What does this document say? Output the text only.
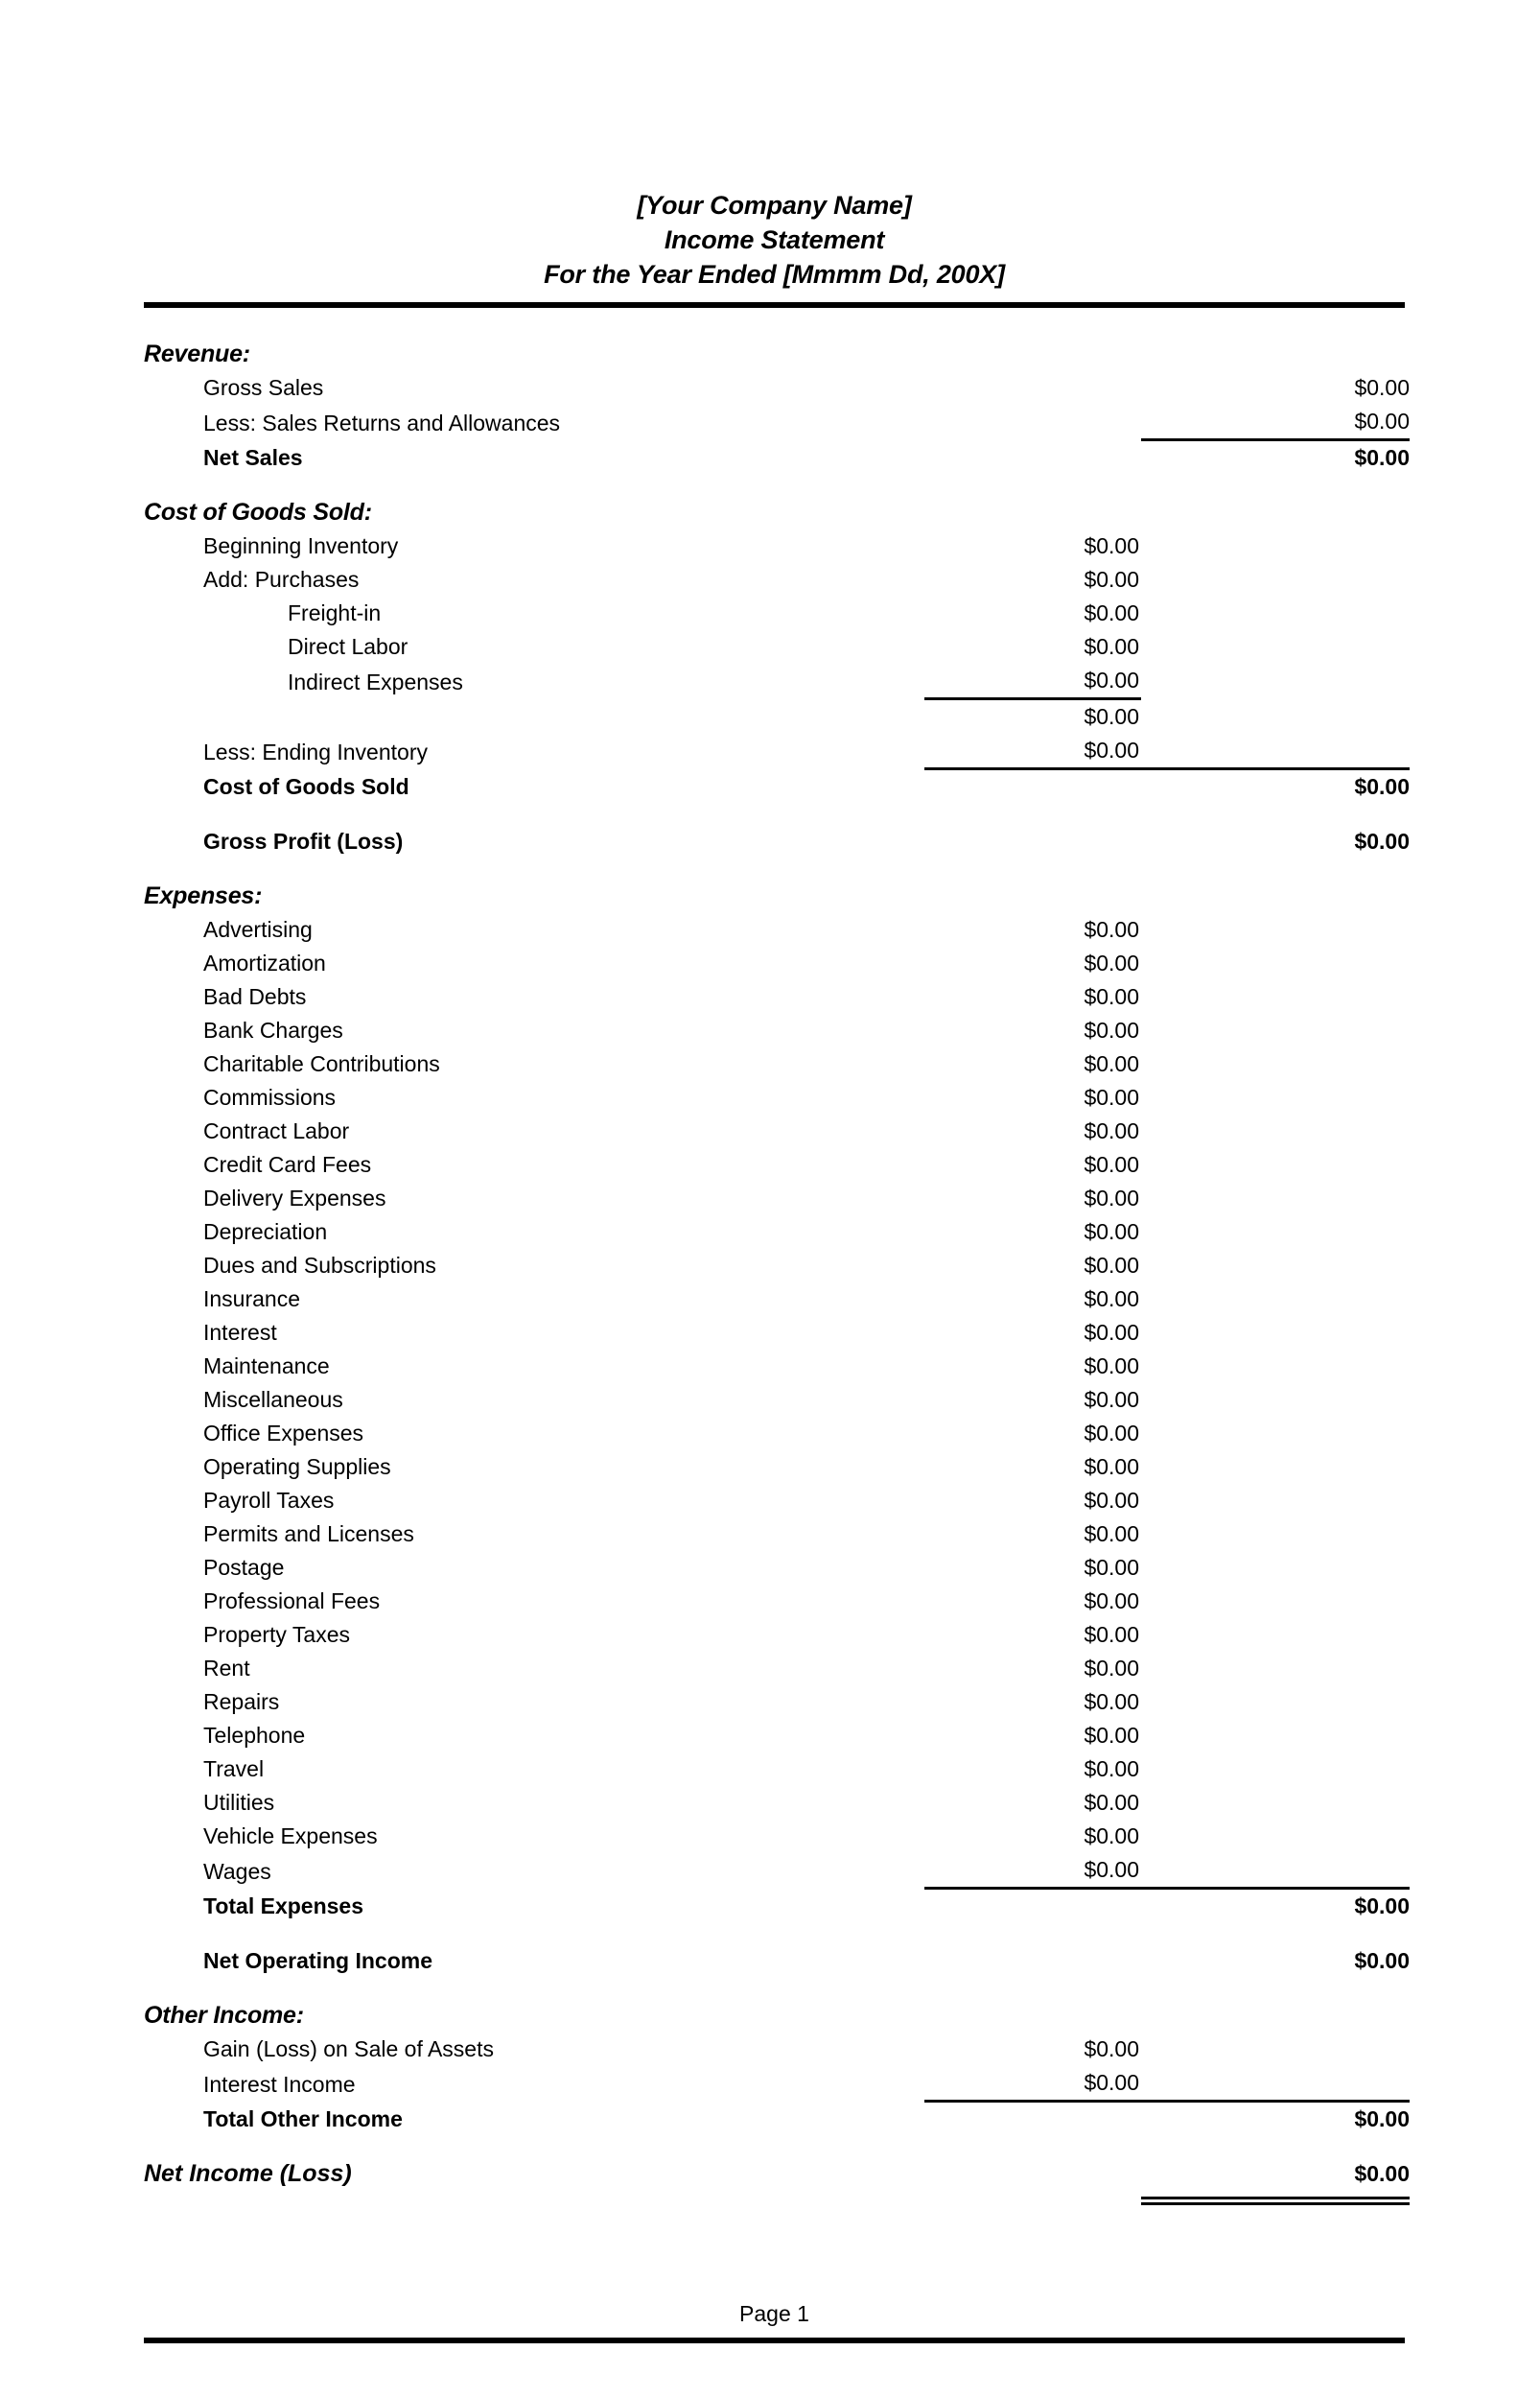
[Your Company Name]
Income Statement
For the Year Ended [Mmmm Dd, 200X]
Revenue:		
Gross Sales		$0.00
Less: Sales Returns and Allowances		$0.00
Net Sales		$0.00

Cost of Goods Sold:		
Beginning Inventory	$0.00	
Add: Purchases	$0.00	
Freight-in	$0.00	
Direct Labor	$0.00	
Indirect Expenses	$0.00	
	$0.00	
Less: Ending Inventory	$0.00	
Cost of Goods Sold		$0.00

Gross Profit (Loss)		$0.00

Expenses:		
Advertising	$0.00	
Amortization	$0.00	
Bad Debts	$0.00	
Bank Charges	$0.00	
Charitable Contributions	$0.00	
Commissions	$0.00	
Contract Labor	$0.00	
Credit Card Fees	$0.00	
Delivery Expenses	$0.00	
Depreciation	$0.00	
Dues and Subscriptions	$0.00	
Insurance	$0.00	
Interest	$0.00	
Maintenance	$0.00	
Miscellaneous	$0.00	
Office Expenses	$0.00	
Operating Supplies	$0.00	
Payroll Taxes	$0.00	
Permits and Licenses	$0.00	
Postage	$0.00	
Professional Fees	$0.00	
Property Taxes	$0.00	
Rent	$0.00	
Repairs	$0.00	
Telephone	$0.00	
Travel	$0.00	
Utilities	$0.00	
Vehicle Expenses	$0.00	
Wages	$0.00	
Total Expenses		$0.00

Net Operating Income		$0.00

Other Income:		
Gain (Loss) on Sale of Assets	$0.00	
Interest Income	$0.00	
Total Other Income		$0.00

Net Income (Loss)		$0.00
Page 1
